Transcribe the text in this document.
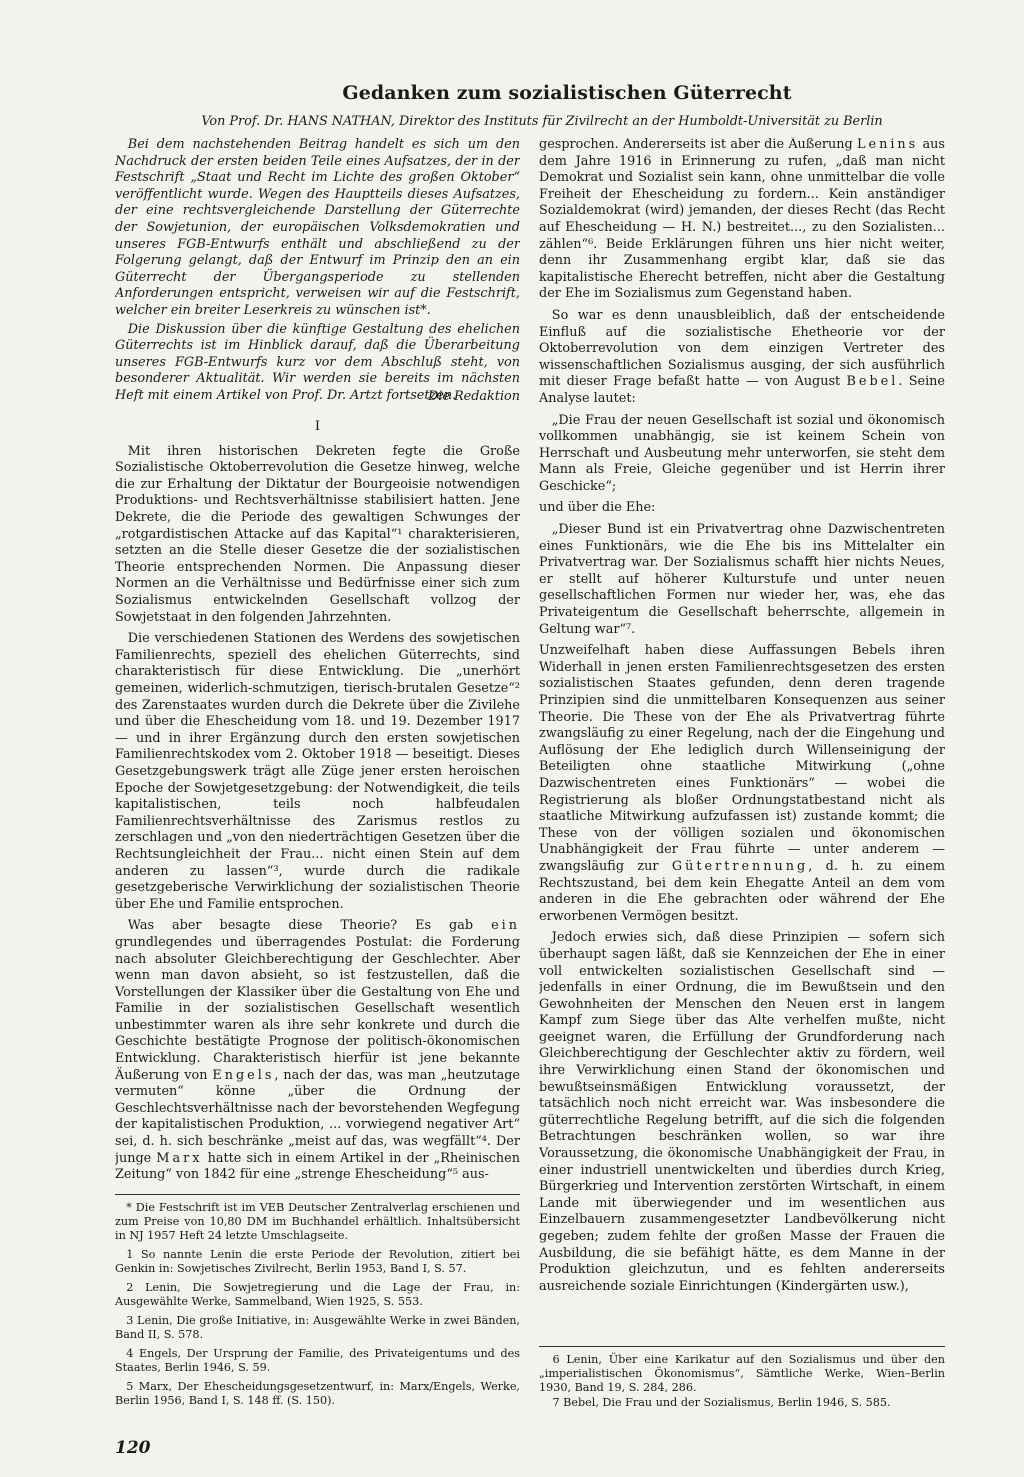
Gedanken zum sozialistischen Güterrecht
Von Prof. Dr. HANS NATHAN, Direktor des Instituts für Zivilrecht an der Humboldt-Universität zu Berlin

Bei dem nachstehenden Beitrag handelt es sich um den Nachdruck der ersten beiden Teile eines Aufsatzes, der in der Festschrift „Staat und Recht im Lichte des großen Oktober“ veröffentlicht wurde. Wegen des Hauptteils dieses Aufsatzes, der eine rechtsvergleichende Darstellung der Güterrechte der Sowjetunion, der europäischen Volksdemokratien und unseres FGB-Entwurfs enthält und abschließend zu der Folgerung gelangt, daß der Entwurf im Prinzip den an ein Güterrecht der Übergangsperiode zu stellenden Anforderungen entspricht, verweisen wir auf die Festschrift, welcher ein breiter Leserkreis zu wünschen ist*.

Die Diskussion über die künftige Gestaltung des ehelichen Güterrechts ist im Hinblick darauf, daß die Überarbeitung unseres FGB-Entwurfs kurz vor dem Abschluß steht, von besonderer Aktualität. Wir werden sie bereits im nächsten Heft mit einem Artikel von Prof. Dr. Artzt fortsetzen.

Die Redaktion
I

Mit ihren historischen Dekreten fegte die Große Sozialistische Oktoberrevolution die Gesetze hinweg, welche die zur Erhaltung der Diktatur der Bourgeoisie notwendigen Produktions- und Rechtsverhältnisse stabilisiert hatten. Jene Dekrete, die die Periode des gewaltigen Schwunges der „rotgardistischen Attacke auf das Kapital“¹ charakterisieren, setzten an die Stelle dieser Gesetze die der sozialistischen Theorie entsprechenden Normen. Die Anpassung dieser Normen an die Verhältnisse und Bedürfnisse einer sich zum Sozialismus entwickelnden Gesellschaft vollzog der Sowjetstaat in den folgenden Jahrzehnten.

Die verschiedenen Stationen des Werdens des sowjetischen Familienrechts, speziell des ehelichen Güterrechts, sind charakteristisch für diese Entwicklung. Die „unerhört gemeinen, widerlich-schmutzigen, tierisch-brutalen Gesetze“² des Zarenstaates wurden durch die Dekrete über die Zivilehe und über die Ehescheidung vom 18. und 19. Dezember 1917 — und in ihrer Ergänzung durch den ersten sowjetischen Familienrechtskodex vom 2. Oktober 1918 — beseitigt. Dieses Gesetzgebungswerk trägt alle Züge jener ersten heroischen Epoche der Sowjetgesetzgebung: der Notwendigkeit, die teils kapitalistischen, teils noch halbfeudalen Familienrechtsverhältnisse des Zarismus restlos zu zerschlagen und „von den niederträchtigen Gesetzen über die Rechtsungleichheit der Frau... nicht einen Stein auf dem anderen zu lassen“³, wurde durch die radikale gesetzgeberische Verwirklichung der sozialistischen Theorie über Ehe und Familie entsprochen.

Was aber besagte diese Theorie? Es gab ein grundlegendes und überragendes Postulat: die Forderung nach absoluter Gleichberechtigung der Geschlechter. Aber wenn man davon absieht, so ist festzustellen, daß die Vorstellungen der Klassiker über die Gestaltung von Ehe und Familie in der sozialistischen Gesellschaft wesentlich unbestimmter waren als ihre sehr konkrete und durch die Geschichte bestätigte Prognose der politisch-ökonomischen Entwicklung. Charakteristisch hierfür ist jene bekannte Äußerung von Engels, nach der das, was man „heutzutage vermuten“ könne „über die Ordnung der Geschlechtsverhältnisse nach der bevorstehenden Wegfegung der kapitalistischen Produktion, ... vorwiegend negativer Art“ sei, d. h. sich beschränke „meist auf das, was wegfällt“⁴. Der junge Marx hatte sich in einem Artikel in der „Rheinischen Zeitung“ von 1842 für eine „strenge Ehescheidung“⁵ aus-

* Die Festschrift ist im VEB Deutscher Zentralverlag erschienen und zum Preise von 10,80 DM im Buchhandel erhältlich. Inhaltsübersicht in NJ 1957 Heft 24 letzte Umschlagseite.

1 So nannte Lenin die erste Periode der Revolution, zitiert bei Genkin in: Sowjetisches Zivilrecht, Berlin 1953, Band I, S. 57.

2 Lenin, Die Sowjetregierung und die Lage der Frau, in: Ausgewählte Werke, Sammelband, Wien 1925, S. 553.

3 Lenin, Die große Initiative, in: Ausgewählte Werke in zwei Bänden, Band II, S. 578.

4 Engels, Der Ursprung der Familie, des Privateigentums und des Staates, Berlin 1946, S. 59.

5 Marx, Der Ehescheidungsgesetzentwurf, in: Marx/Engels, Werke, Berlin 1956, Band I, S. 148 ff. (S. 150).

gesprochen. Andererseits ist aber die Äußerung Lenins aus dem Jahre 1916 in Erinnerung zu rufen, „daß man nicht Demokrat und Sozialist sein kann, ohne unmittelbar die volle Freiheit der Ehescheidung zu fordern... Kein anständiger Sozialdemokrat (wird) jemanden, der dieses Recht (das Recht auf Ehescheidung — H. N.) bestreitet..., zu den Sozialisten... zählen“⁶. Beide Erklärungen führen uns hier nicht weiter, denn ihr Zusammenhang ergibt klar, daß sie das kapitalistische Eherecht betreffen, nicht aber die Gestaltung der Ehe im Sozialismus zum Gegenstand haben.

So war es denn unausbleiblich, daß der entscheidende Einfluß auf die sozialistische Ehetheorie vor der Oktoberrevolution von dem einzigen Vertreter des wissenschaftlichen Sozialismus ausging, der sich ausführlich mit dieser Frage befaßt hatte — von August Bebel. Seine Analyse lautet:

„Die Frau der neuen Gesellschaft ist sozial und ökonomisch vollkommen unabhängig, sie ist keinem Schein von Herrschaft und Ausbeutung mehr unterworfen, sie steht dem Mann als Freie, Gleiche gegenüber und ist Herrin ihrer Geschicke“;

und über die Ehe:

„Dieser Bund ist ein Privatvertrag ohne Dazwischentreten eines Funktionärs, wie die Ehe bis ins Mittelalter ein Privatvertrag war. Der Sozialismus schafft hier nichts Neues, er stellt auf höherer Kulturstufe und unter neuen gesellschaftlichen Formen nur wieder her, was, ehe das Privateigentum die Gesellschaft beherrschte, allgemein in Geltung war“⁷.

Unzweifelhaft haben diese Auffassungen Bebels ihren Widerhall in jenen ersten Familienrechtsgesetzen des ersten sozialistischen Staates gefunden, denn deren tragende Prinzipien sind die unmittelbaren Konsequenzen aus seiner Theorie. Die These von der Ehe als Privatvertrag führte zwangsläufig zu einer Regelung, nach der die Eingehung und Auflösung der Ehe lediglich durch Willenseinigung der Beteiligten ohne staatliche Mitwirkung („ohne Dazwischentreten eines Funktionärs“ — wobei die Registrierung als bloßer Ordnungstatbestand nicht als staatliche Mitwirkung aufzufassen ist) zustande kommt; die These von der völligen sozialen und ökonomischen Unabhängigkeit der Frau führte — unter anderem — zwangsläufig zur Gütertrennung, d. h. zu einem Rechtszustand, bei dem kein Ehegatte Anteil an dem vom anderen in die Ehe gebrachten oder während der Ehe erworbenen Vermögen besitzt.

Jedoch erwies sich, daß diese Prinzipien — sofern sich überhaupt sagen läßt, daß sie Kennzeichen der Ehe in einer voll entwickelten sozialistischen Gesellschaft sind — jedenfalls in einer Ordnung, die im Bewußtsein und den Gewohnheiten der Menschen den Neuen erst in langem Kampf zum Siege über das Alte verhelfen mußte, nicht geeignet waren, die Erfüllung der Grundforderung nach Gleichberechtigung der Geschlechter aktiv zu fördern, weil ihre Verwirklichung einen Stand der ökonomischen und bewußtseinsmäßigen Entwicklung voraussetzt, der tatsächlich noch nicht erreicht war. Was insbesondere die güterrechtliche Regelung betrifft, auf die sich die folgenden Betrachtungen beschränken wollen, so war ihre Voraussetzung, die ökonomische Unabhängigkeit der Frau, in einer industriell unentwickelten und überdies durch Krieg, Bürgerkrieg und Intervention zerstörten Wirtschaft, in einem Lande mit überwiegender und im wesentlichen aus Einzelbauern zusammengesetzter Landbevölkerung nicht gegeben; zudem fehlte der großen Masse der Frauen die Ausbildung, die sie befähigt hätte, es dem Manne in der Produktion gleichzutun, und es fehlten andererseits ausreichende soziale Einrichtungen (Kindergärten usw.),

6 Lenin, Über eine Karikatur auf den Sozialismus und über den „imperialistischen Ökonomismus“, Sämtliche Werke, Wien–Berlin 1930, Band 19, S. 284, 286.

7 Bebel, Die Frau und der Sozialismus, Berlin 1946, S. 585.

120
